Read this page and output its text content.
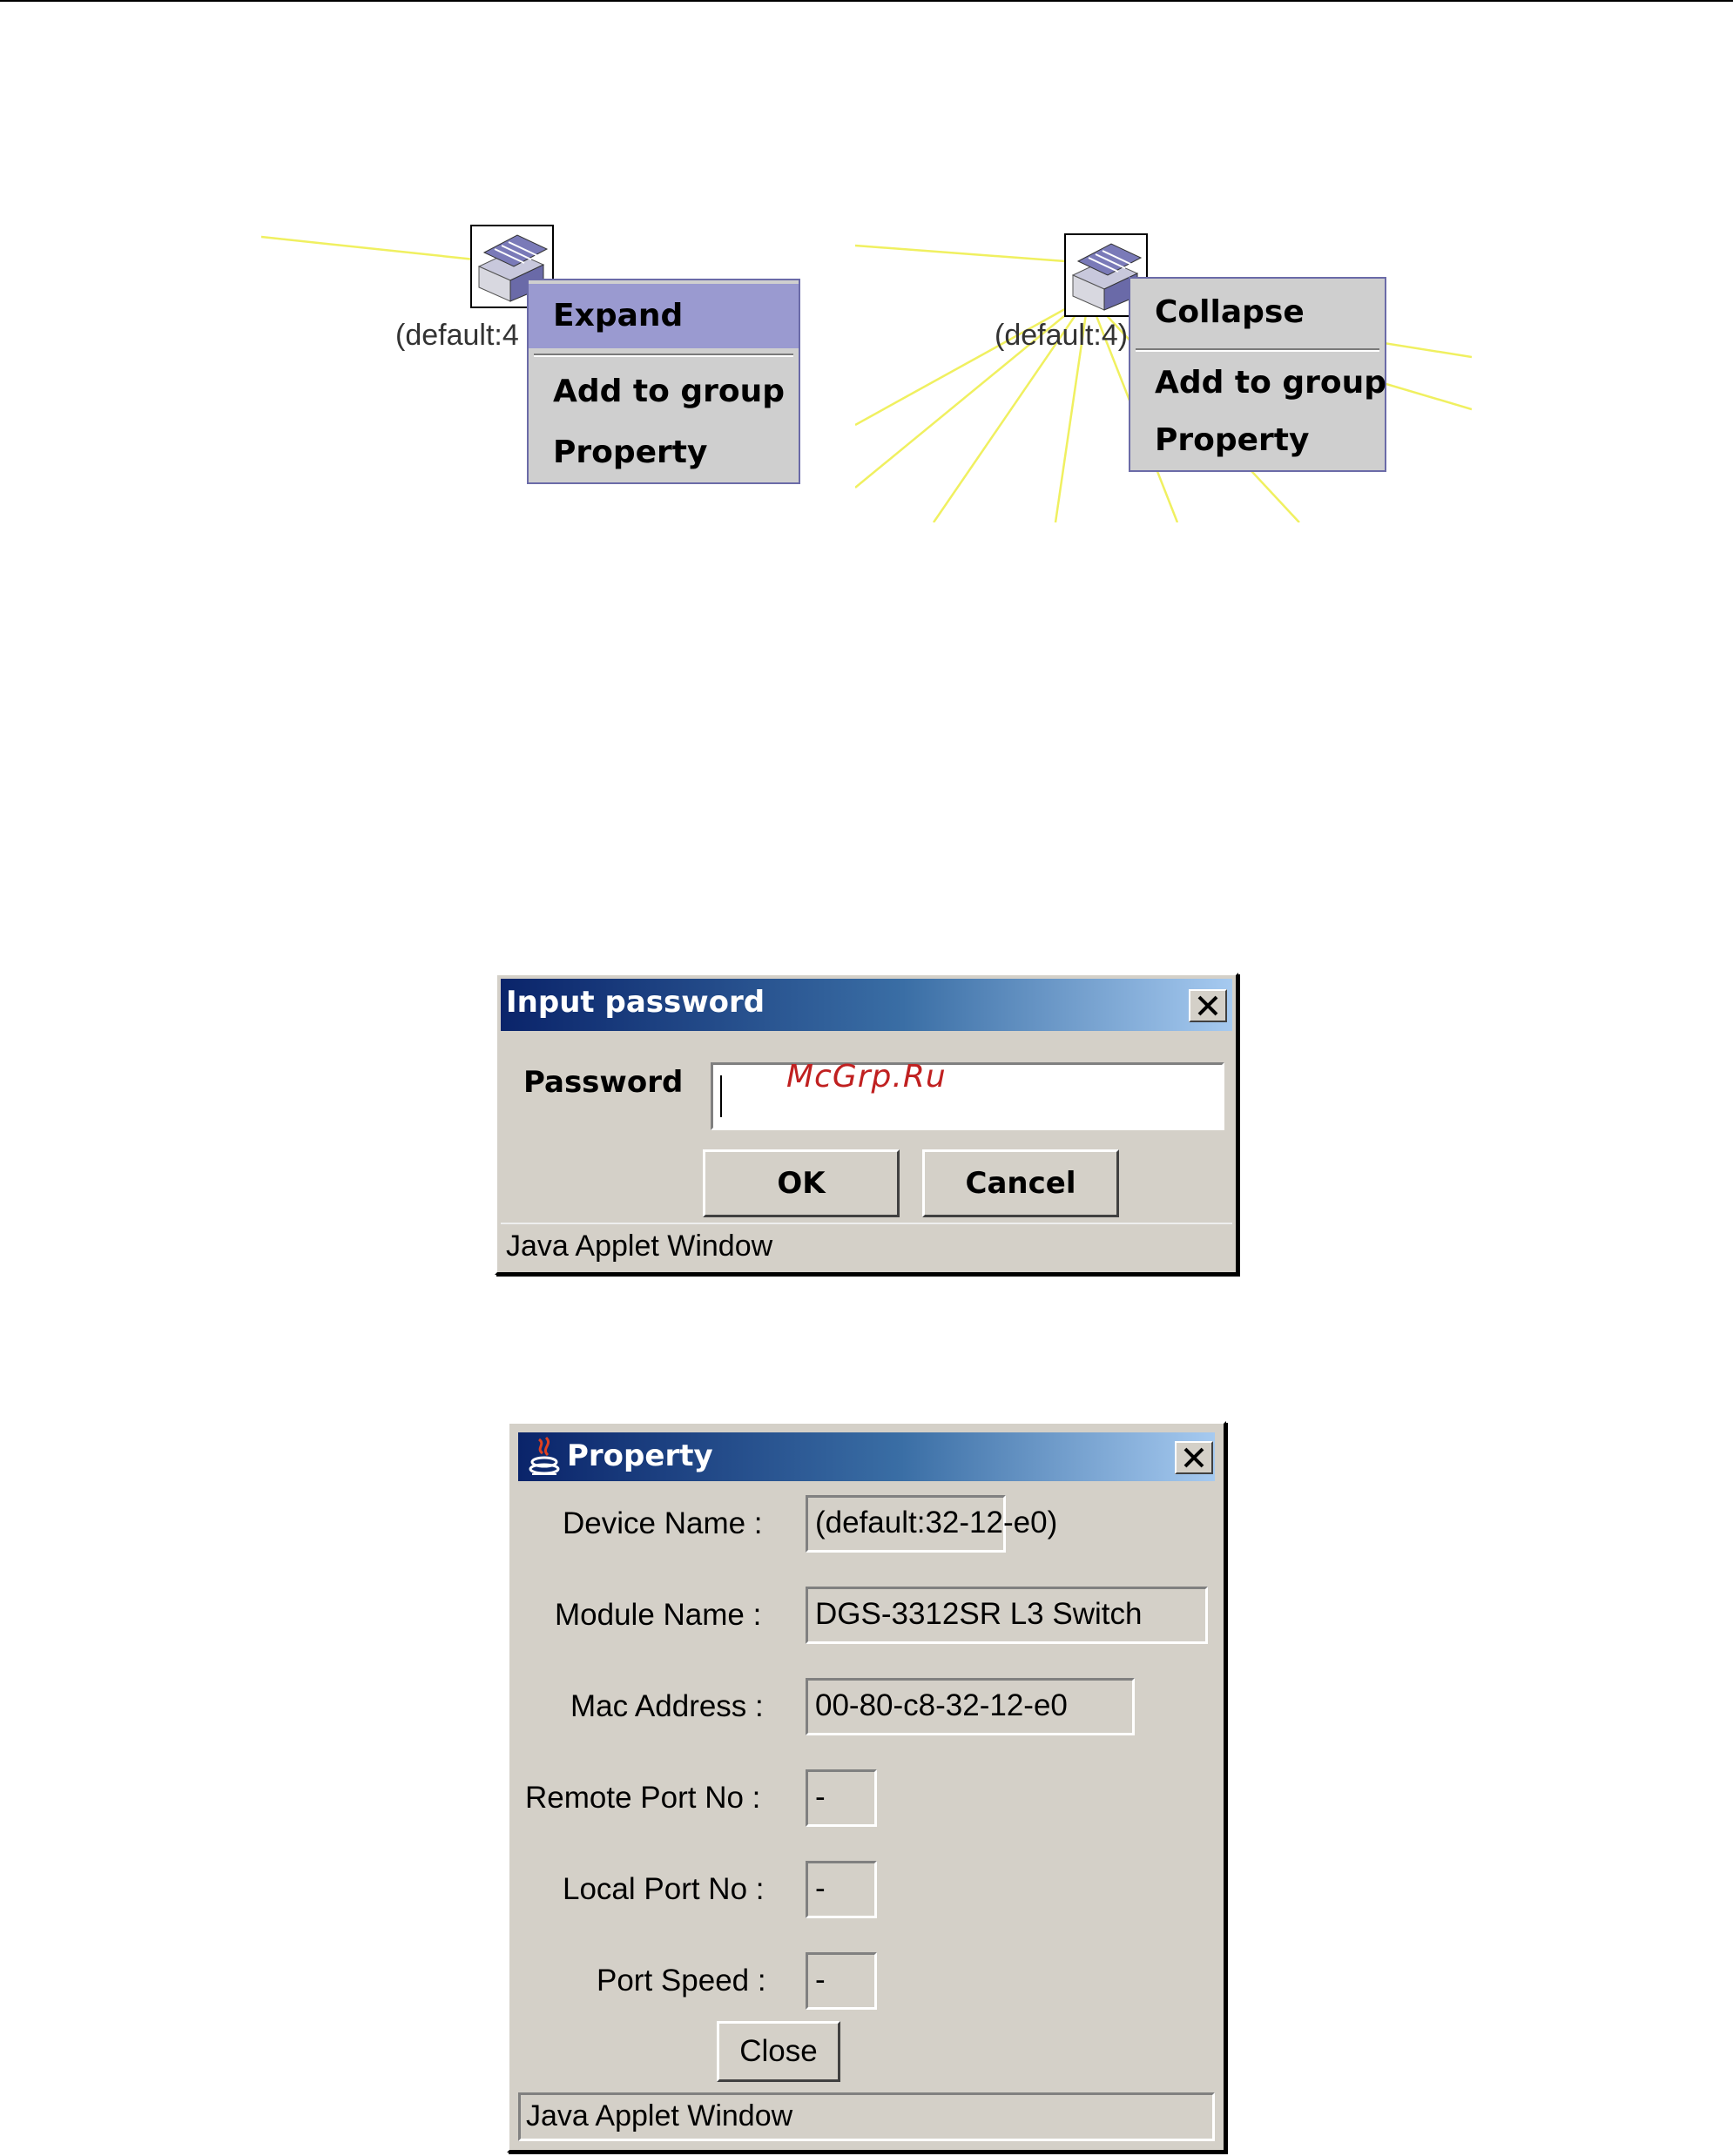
(default:4
Expand
Add to group
Property
(default:4)
Collapse
Add to group
Property
Input password
Password	McGrp.Ru
OK	Cancel
Java Applet Window
Property
Device Name :	(default:32-12-e0)
Module Name :	DGS-3312SR L3 Switch
Mac Address :	00-80-c8-32-12-e0
Remote Port No :	-
Local Port No :	-
Port Speed :	-
Close
Java Applet Window
